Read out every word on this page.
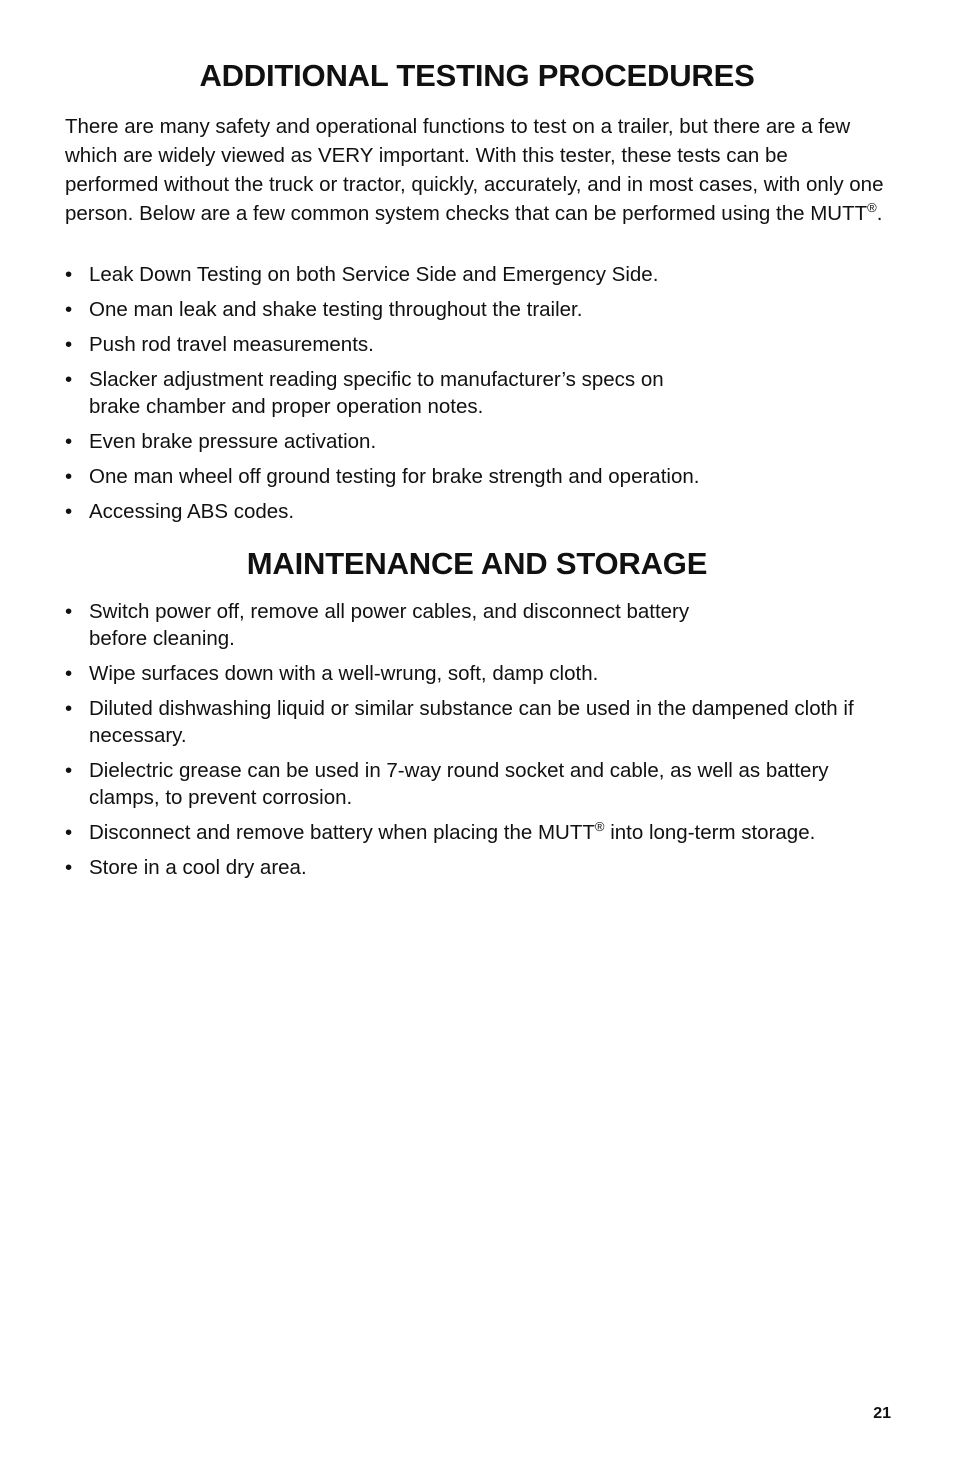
ADDITIONAL TESTING PROCEDURES

There are many safety and operational functions to test on a trailer, but there are a few which are widely viewed as VERY important. With this tester, these tests can be performed without the truck or tractor, quickly, accurately, and in most cases, with only one person. Below are a few common system checks that can be performed using the MUTT®.

• Leak Down Testing on both Service Side and Emergency Side.
• One man leak and shake testing throughout the trailer.
• Push rod travel measurements.
• Slacker adjustment reading specific to manufacturer’s specs on brake chamber and proper operation notes.
• Even brake pressure activation.
• One man wheel off ground testing for brake strength and operation.
• Accessing ABS codes.
MAINTENANCE AND STORAGE
• Switch power off, remove all power cables, and disconnect battery before cleaning.
• Wipe surfaces down with a well-wrung, soft, damp cloth.
• Diluted dishwashing liquid or similar substance can be used in the dampened cloth if necessary.
• Dielectric grease can be used in 7-way round socket and cable, as well as battery clamps, to prevent corrosion.
• Disconnect and remove battery when placing the MUTT® into long-term storage.
• Store in a cool dry area.
21
